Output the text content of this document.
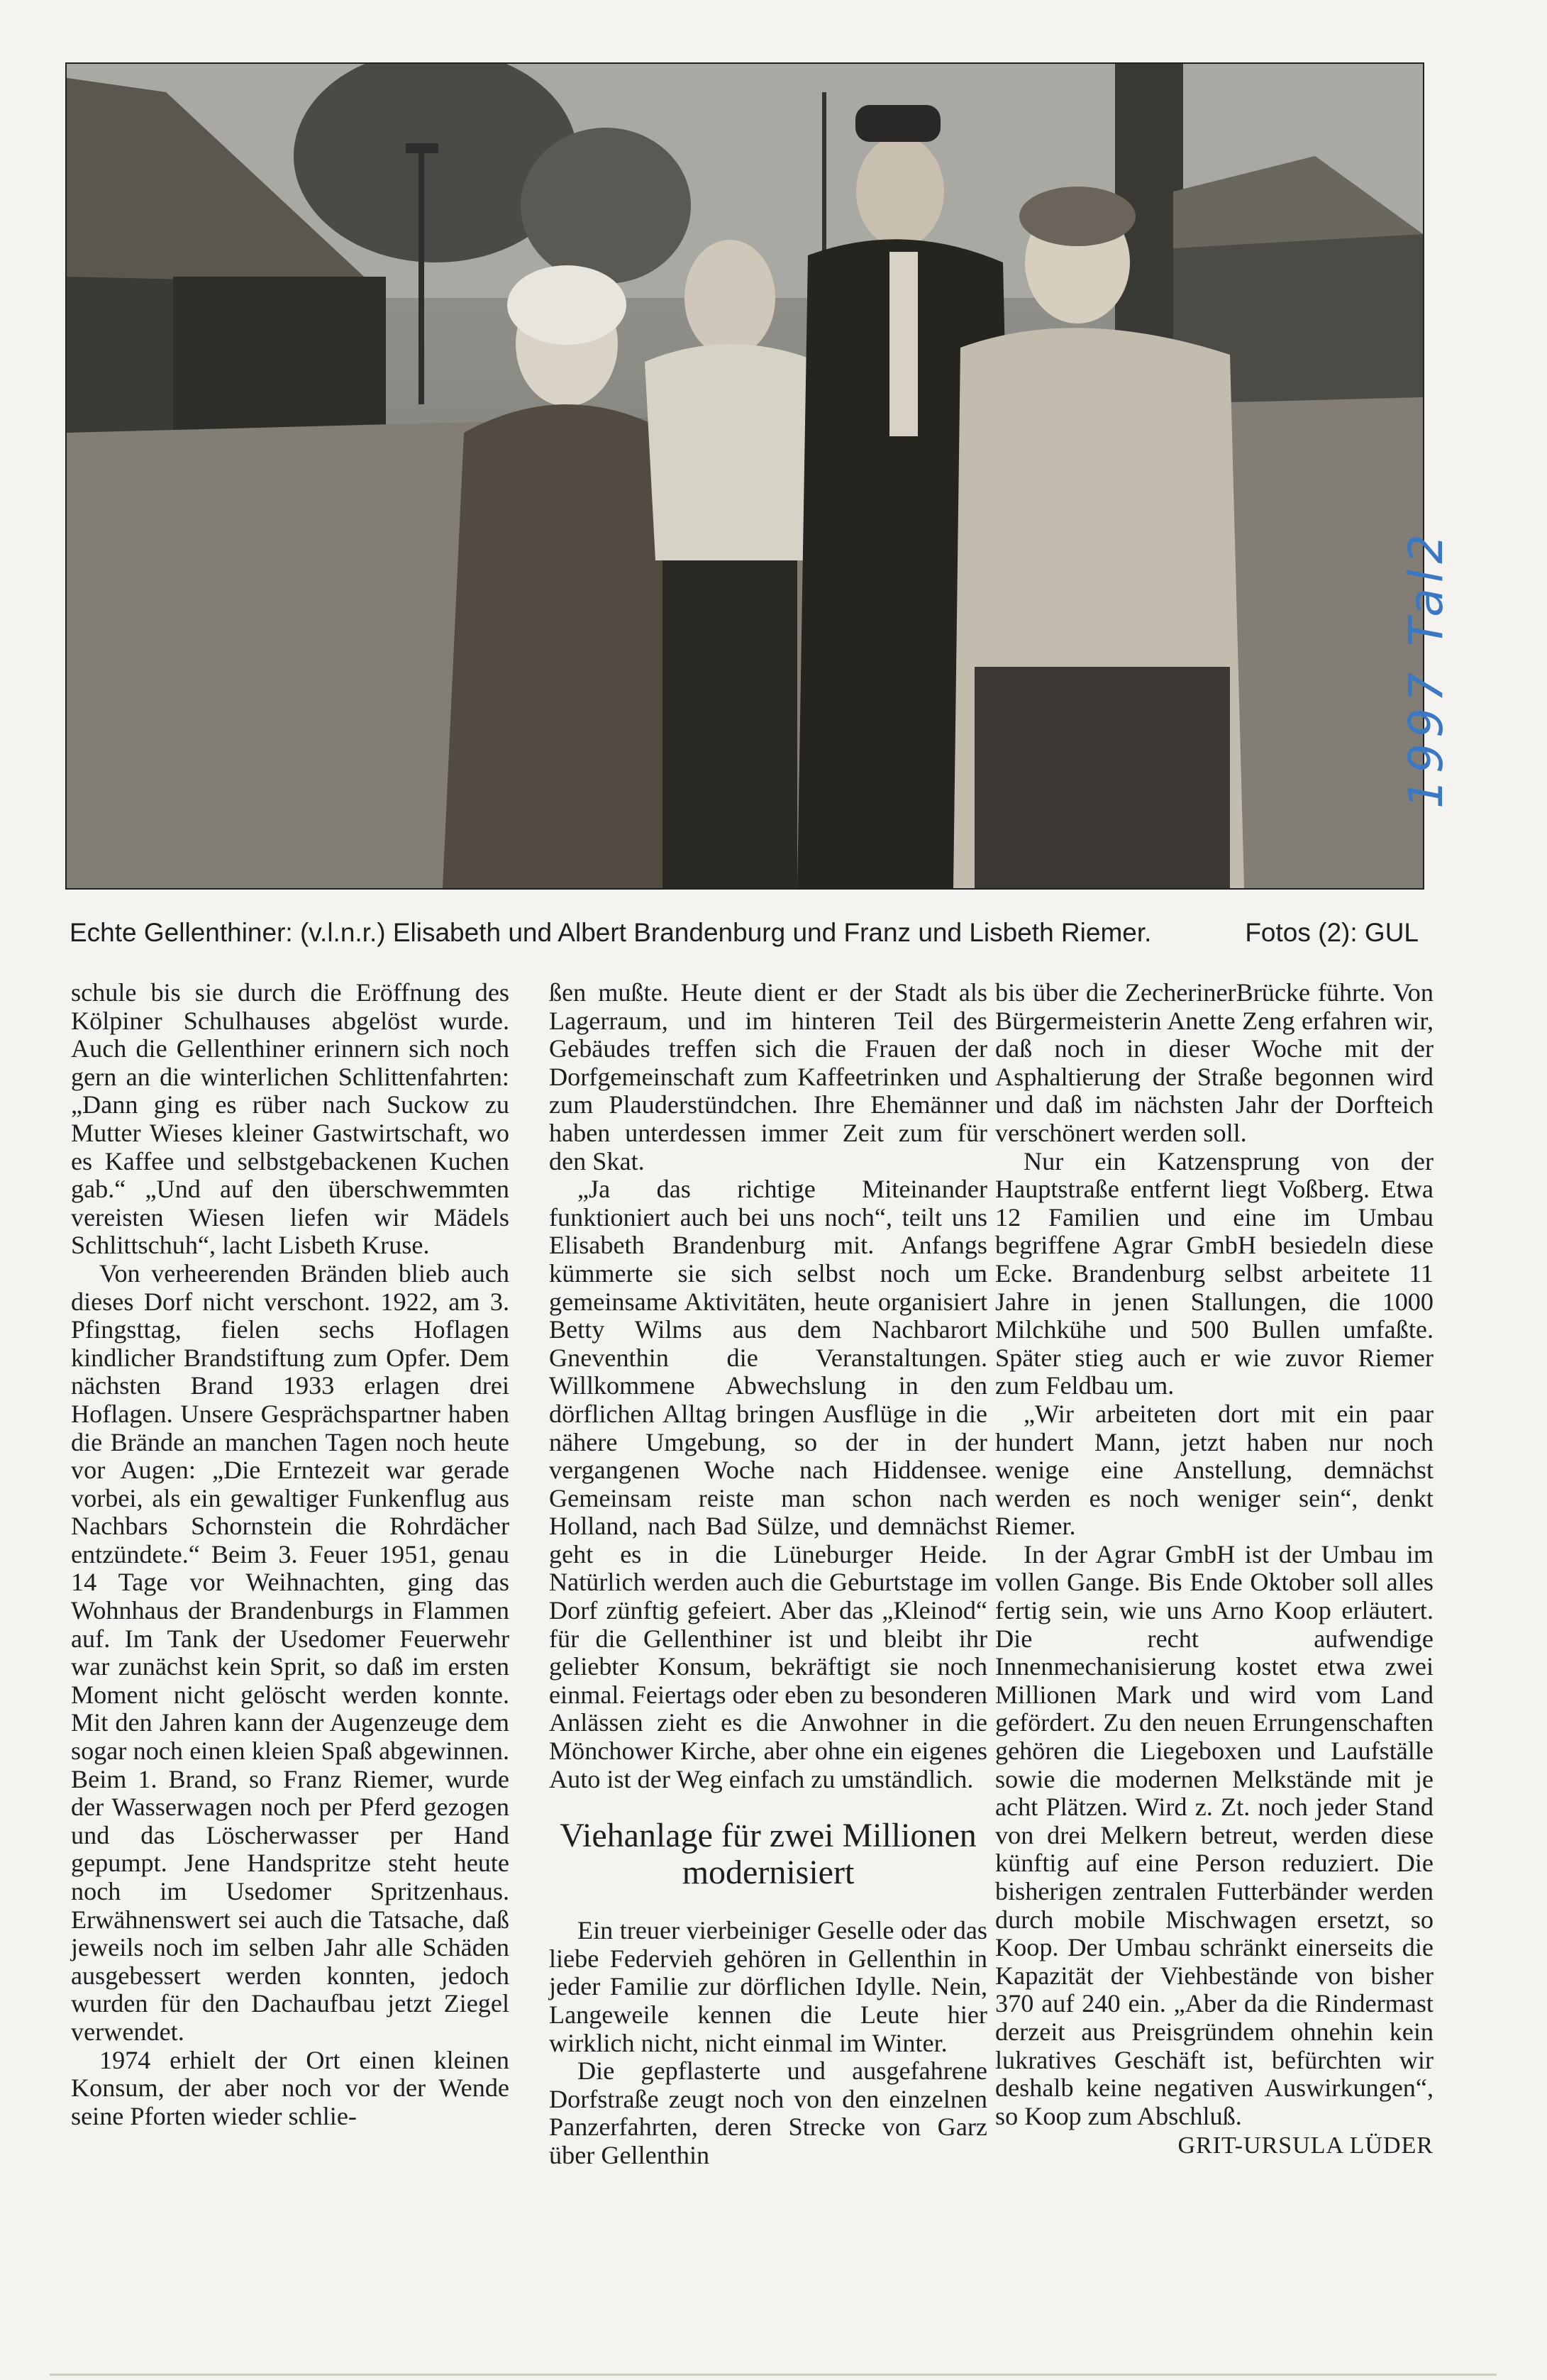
Echte Gellenthiner: (v.l.n.r.) Elisabeth und Albert Brandenburg und Franz und Lisbeth Riemer.	Fotos (2): GUL
1997 Tal2

schule bis sie durch die Eröffnung des Kölpiner Schulhauses abgelöst wurde. Auch die Gellenthiner erinnern sich noch gern an die winterlichen Schlittenfahrten: „Dann ging es rüber nach Suckow zu Mutter Wieses kleiner Gastwirtschaft, wo es Kaffee und selbstgebackenen Kuchen gab.“ „Und auf den überschwemmten vereisten Wiesen liefen wir Mädels Schlittschuh“, lacht Lisbeth Kruse.

Von verheerenden Bränden blieb auch dieses Dorf nicht verschont. 1922, am 3. Pfingsttag, fielen sechs Hoflagen kindlicher Brandstiftung zum Opfer. Dem nächsten Brand 1933 erlagen drei Hoflagen. Unsere Gesprächspartner haben die Brände an manchen Tagen noch heute vor Augen: „Die Erntezeit war gerade vorbei, als ein gewaltiger Funkenflug aus Nachbars Schornstein die Rohrdächer entzündete.“ Beim 3. Feuer 1951, genau 14 Tage vor Weihnachten, ging das Wohnhaus der Brandenburgs in Flammen auf. Im Tank der Usedomer Feuerwehr war zunächst kein Sprit, so daß im ersten Moment nicht gelöscht werden konnte. Mit den Jahren kann der Augenzeuge dem sogar noch einen kleien Spaß abgewinnen. Beim 1. Brand, so Franz Riemer, wurde der Wasserwagen noch per Pferd gezogen und das Löscherwasser per Hand gepumpt. Jene Handspritze steht heute noch im Usedomer Spritzenhaus. Erwähnenswert sei auch die Tatsache, daß jeweils noch im selben Jahr alle Schäden ausgebessert werden konnten, jedoch wurden für den Dachaufbau jetzt Ziegel verwendet.

1974 erhielt der Ort einen kleinen Konsum, der aber noch vor der Wende seine Pforten wieder schlie-

ßen mußte. Heute dient er der Stadt als Lagerraum, und im hinteren Teil des Gebäudes treffen sich die Frauen der Dorfgemeinschaft zum Kaffeetrinken und zum Plauderstündchen. Ihre Ehemänner haben unterdessen immer Zeit zum für den Skat.

„Ja das richtige Miteinander funktioniert auch bei uns noch“, teilt uns Elisabeth Brandenburg mit. Anfangs kümmerte sie sich selbst noch um gemeinsame Aktivitäten, heute organisiert Betty Wilms aus dem Nachbarort Gneventhin die Veranstaltungen. Willkommene Abwechslung in den dörflichen Alltag bringen Ausflüge in die nähere Umgebung, so der in der vergangenen Woche nach Hiddensee. Gemeinsam reiste man schon nach Holland, nach Bad Sülze, und demnächst geht es in die Lüneburger Heide. Natürlich werden auch die Geburtstage im Dorf zünftig gefeiert. Aber das „Kleinod“ für die Gellenthiner ist und bleibt ihr geliebter Konsum, bekräftigt sie noch einmal. Feiertags oder eben zu besonderen Anlässen zieht es die Anwohner in die Mönchower Kirche, aber ohne ein eigenes Auto ist der Weg einfach zu umständlich.

Viehanlage für zwei Millionen modernisiert

Ein treuer vierbeiniger Geselle oder das liebe Federvieh gehören in Gellenthin in jeder Familie zur dörflichen Idylle. Nein, Langeweile kennen die Leute hier wirklich nicht, nicht einmal im Winter.

Die gepflasterte und ausgefahrene Dorfstraße zeugt noch von den einzelnen Panzerfahrten, deren Strecke von Garz über Gellenthin

bis über die ZecherinerBrücke führte. Von Bürgermeisterin Anette Zeng erfahren wir, daß noch in dieser Woche mit der Asphaltierung der Straße begonnen wird und daß im nächsten Jahr der Dorfteich verschönert werden soll.

Nur ein Katzensprung von der Hauptstraße entfernt liegt Voßberg. Etwa 12 Familien und eine im Umbau begriffene Agrar GmbH besiedeln diese Ecke. Brandenburg selbst arbeitete 11 Jahre in jenen Stallungen, die 1000 Milchkühe und 500 Bullen umfaßte. Später stieg auch er wie zuvor Riemer zum Feldbau um.

„Wir arbeiteten dort mit ein paar hundert Mann, jetzt haben nur noch wenige eine Anstellung, demnächst werden es noch weniger sein“, denkt Riemer.

In der Agrar GmbH ist der Umbau im vollen Gange. Bis Ende Oktober soll alles fertig sein, wie uns Arno Koop erläutert. Die recht aufwendige Innenmechanisierung kostet etwa zwei Millionen Mark und wird vom Land gefördert. Zu den neuen Errungenschaften gehören die Liegeboxen und Laufställe sowie die modernen Melkstände mit je acht Plätzen. Wird z. Zt. noch jeder Stand von drei Melkern betreut, werden diese künftig auf eine Person reduziert. Die bisherigen zentralen Futterbänder werden durch mobile Mischwagen ersetzt, so Koop. Der Umbau schränkt einerseits die Kapazität der Viehbestände von bisher 370 auf 240 ein. „Aber da die Rindermast derzeit aus Preisgründem ohnehin kein lukratives Geschäft ist, befürchten wir deshalb keine negativen Auswirkungen“, so Koop zum Abschluß.

GRIT-URSULA LÜDER
